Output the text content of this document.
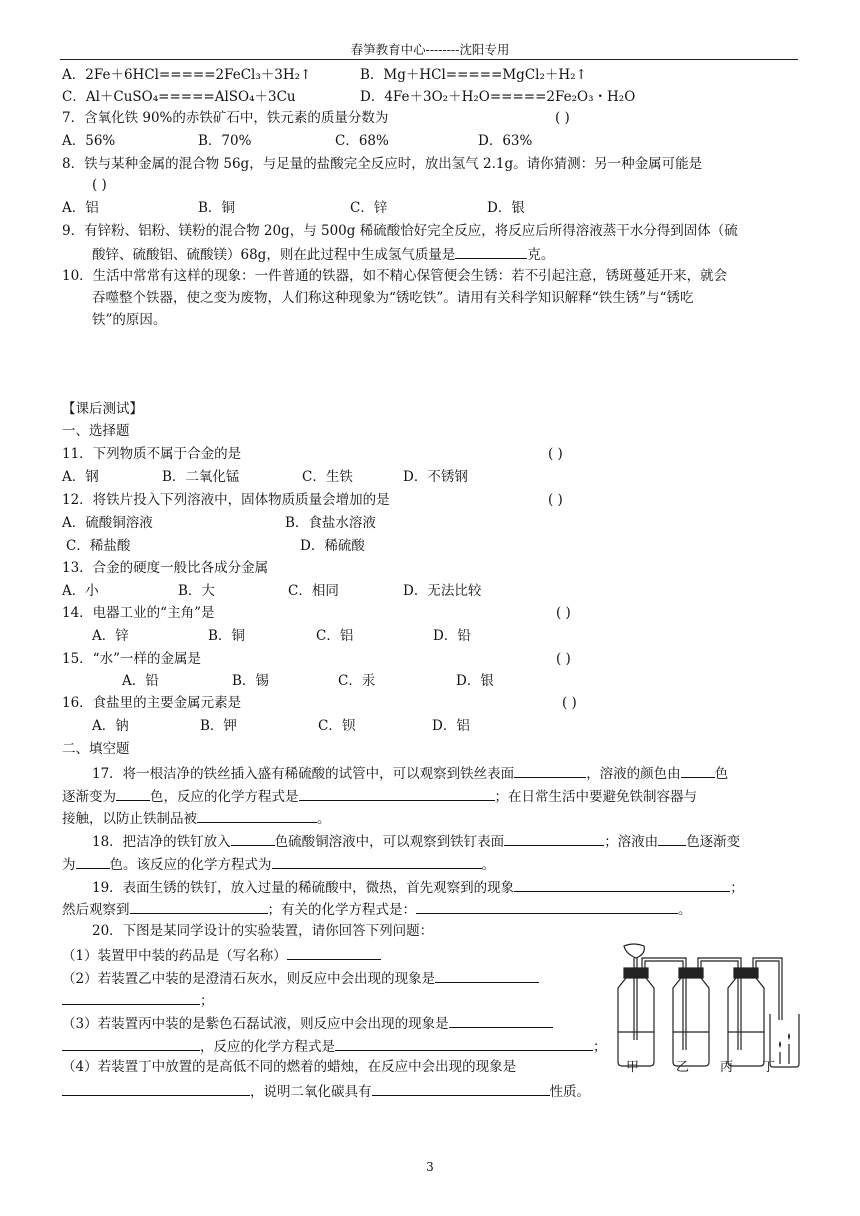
春笋教育中心--------沈阳专用
A．2Fe＋6HCl=====2FeCl₃＋3H₂↑	B．Mg＋HCl=====MgCl₂＋H₂↑
C．Al＋CuSO₄=====AlSO₄＋3Cu	D．4Fe＋3O₂＋H₂O=====2Fe₂O₃・H₂O
7．含氧化铁 90%的赤铁矿石中，铁元素的质量分数为	( )
A．56%	B．70%	C．68%	D．63%
8．铁与某种金属的混合物 56g，与足量的盐酸完全反应时，放出氢气 2.1g。请你猜测：另一种金属可能是
( )
A．铝	B．铜	C．锌	D．银
9．有锌粉、铝粉、镁粉的混合物 20g，与 500g 稀硫酸恰好完全反应，将反应后所得溶液蒸干水分得到固体（硫
酸锌、硫酸铝、硫酸镁）68g，则在此过程中生成氢气质量是	克。
10．生活中常常有这样的现象：一件普通的铁器，如不精心保管便会生锈：若不引起注意，锈斑蔓延开来，就会
吞噬整个铁器，使之变为废物，人们称这种现象为“锈吃铁”。请用有关科学知识解释“铁生锈”与“锈吃
铁”的原因。
【课后测试】
一、选择题
11．下列物质不属于合金的是	( )
A．钢	B．二氧化锰	C．生铁	D．不锈钢
12．将铁片投入下列溶液中，固体物质质量会增加的是	( )
A．硫酸铜溶液	B．食盐水溶液
C．稀盐酸	D．稀硫酸
13．合金的硬度一般比各成分金属
A．小	B．大	C．相同	D．无法比较
14．电器工业的“主角”是	( )
A．锌	B．铜	C．铝	D．铅
15．“水”一样的金属是	( )
A．铅	B．锡	C．汞	D．银
16．食盐里的主要金属元素是	( )
A．钠	B．钾	C．钡	D．铝
二、填空题
17．将一根洁净的铁丝插入盛有稀硫酸的试管中，可以观察到铁丝表面	，溶液的颜色由	色
逐渐变为	色，反应的化学方程式是	；在日常生活中要避免铁制容器与
接触，以防止铁制品被	。
18．把洁净的铁钉放入	色硫酸铜溶液中，可以观察到铁钉表面	；溶液由 色逐渐变
为	色。该反应的化学方程式为	。
19．表面生锈的铁钉，放入过量的稀硫酸中，微热，首先观察到的现象	；
然后观察到	；有关的化学方程式是：	。
20．下图是某同学设计的实验装置，请你回答下列问题：
（1）装置甲中装的药品是（写名称）
（2）若装置乙中装的是澄清石灰水，则反应中会出现的现象是
；
（3）若装置丙中装的是紫色石磊试液，则反应中会出现的现象是
，反应的化学方程式是	；
（4）若装置丁中放置的是高低不同的燃着的蜡烛，在反应中会出现的现象是
，说明二氧化碳具有	性质。
甲	乙 丙 丁
3
